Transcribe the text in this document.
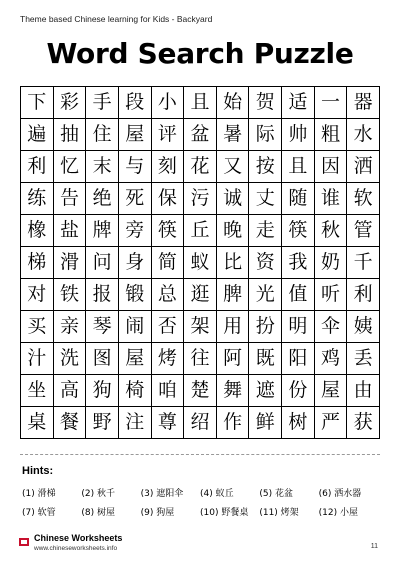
Theme based Chinese learning for Kids - Backyard
Word Search Puzzle
下 彩 手 段 小 且 始 贺 适 一 器
遍 抽 住 屋 评 盆 暑 际 帅 粗 水
利 忆 末 与 刻 花 又 按 且 因 洒
练 告 绝 死 保 污 诚 丈 随 谁 软
橡 盐 牌 旁 筷 丘 晚 走 筷 秋 管
梯 滑 问 身 简 蚁 比 资 我 奶 千
对 铁 报 锻 总 逛 脾 光 值 听 利
买 亲 琴 闹 否 架 用 扮 明 伞 姨
汁 洗 图 屋 烤 往 阿 既 阳 鸡 丢
坐 高 狗 椅 咱 楚 舞 遮 份 屋 由
桌 餐 野 注 尊 绍 作 鲜 树 严 获
Hints:
(1) 滑梯	(2) 秋千	(3) 遮阳伞	(4) 蚁丘	(5) 花盆	(6) 洒水器
(7) 软管	(8) 树屋	(9) 狗屋	(10) 野餐桌	(11) 烤架	(12) 小屋
Chinese Worksheets
www.chineseworksheets.info	11
